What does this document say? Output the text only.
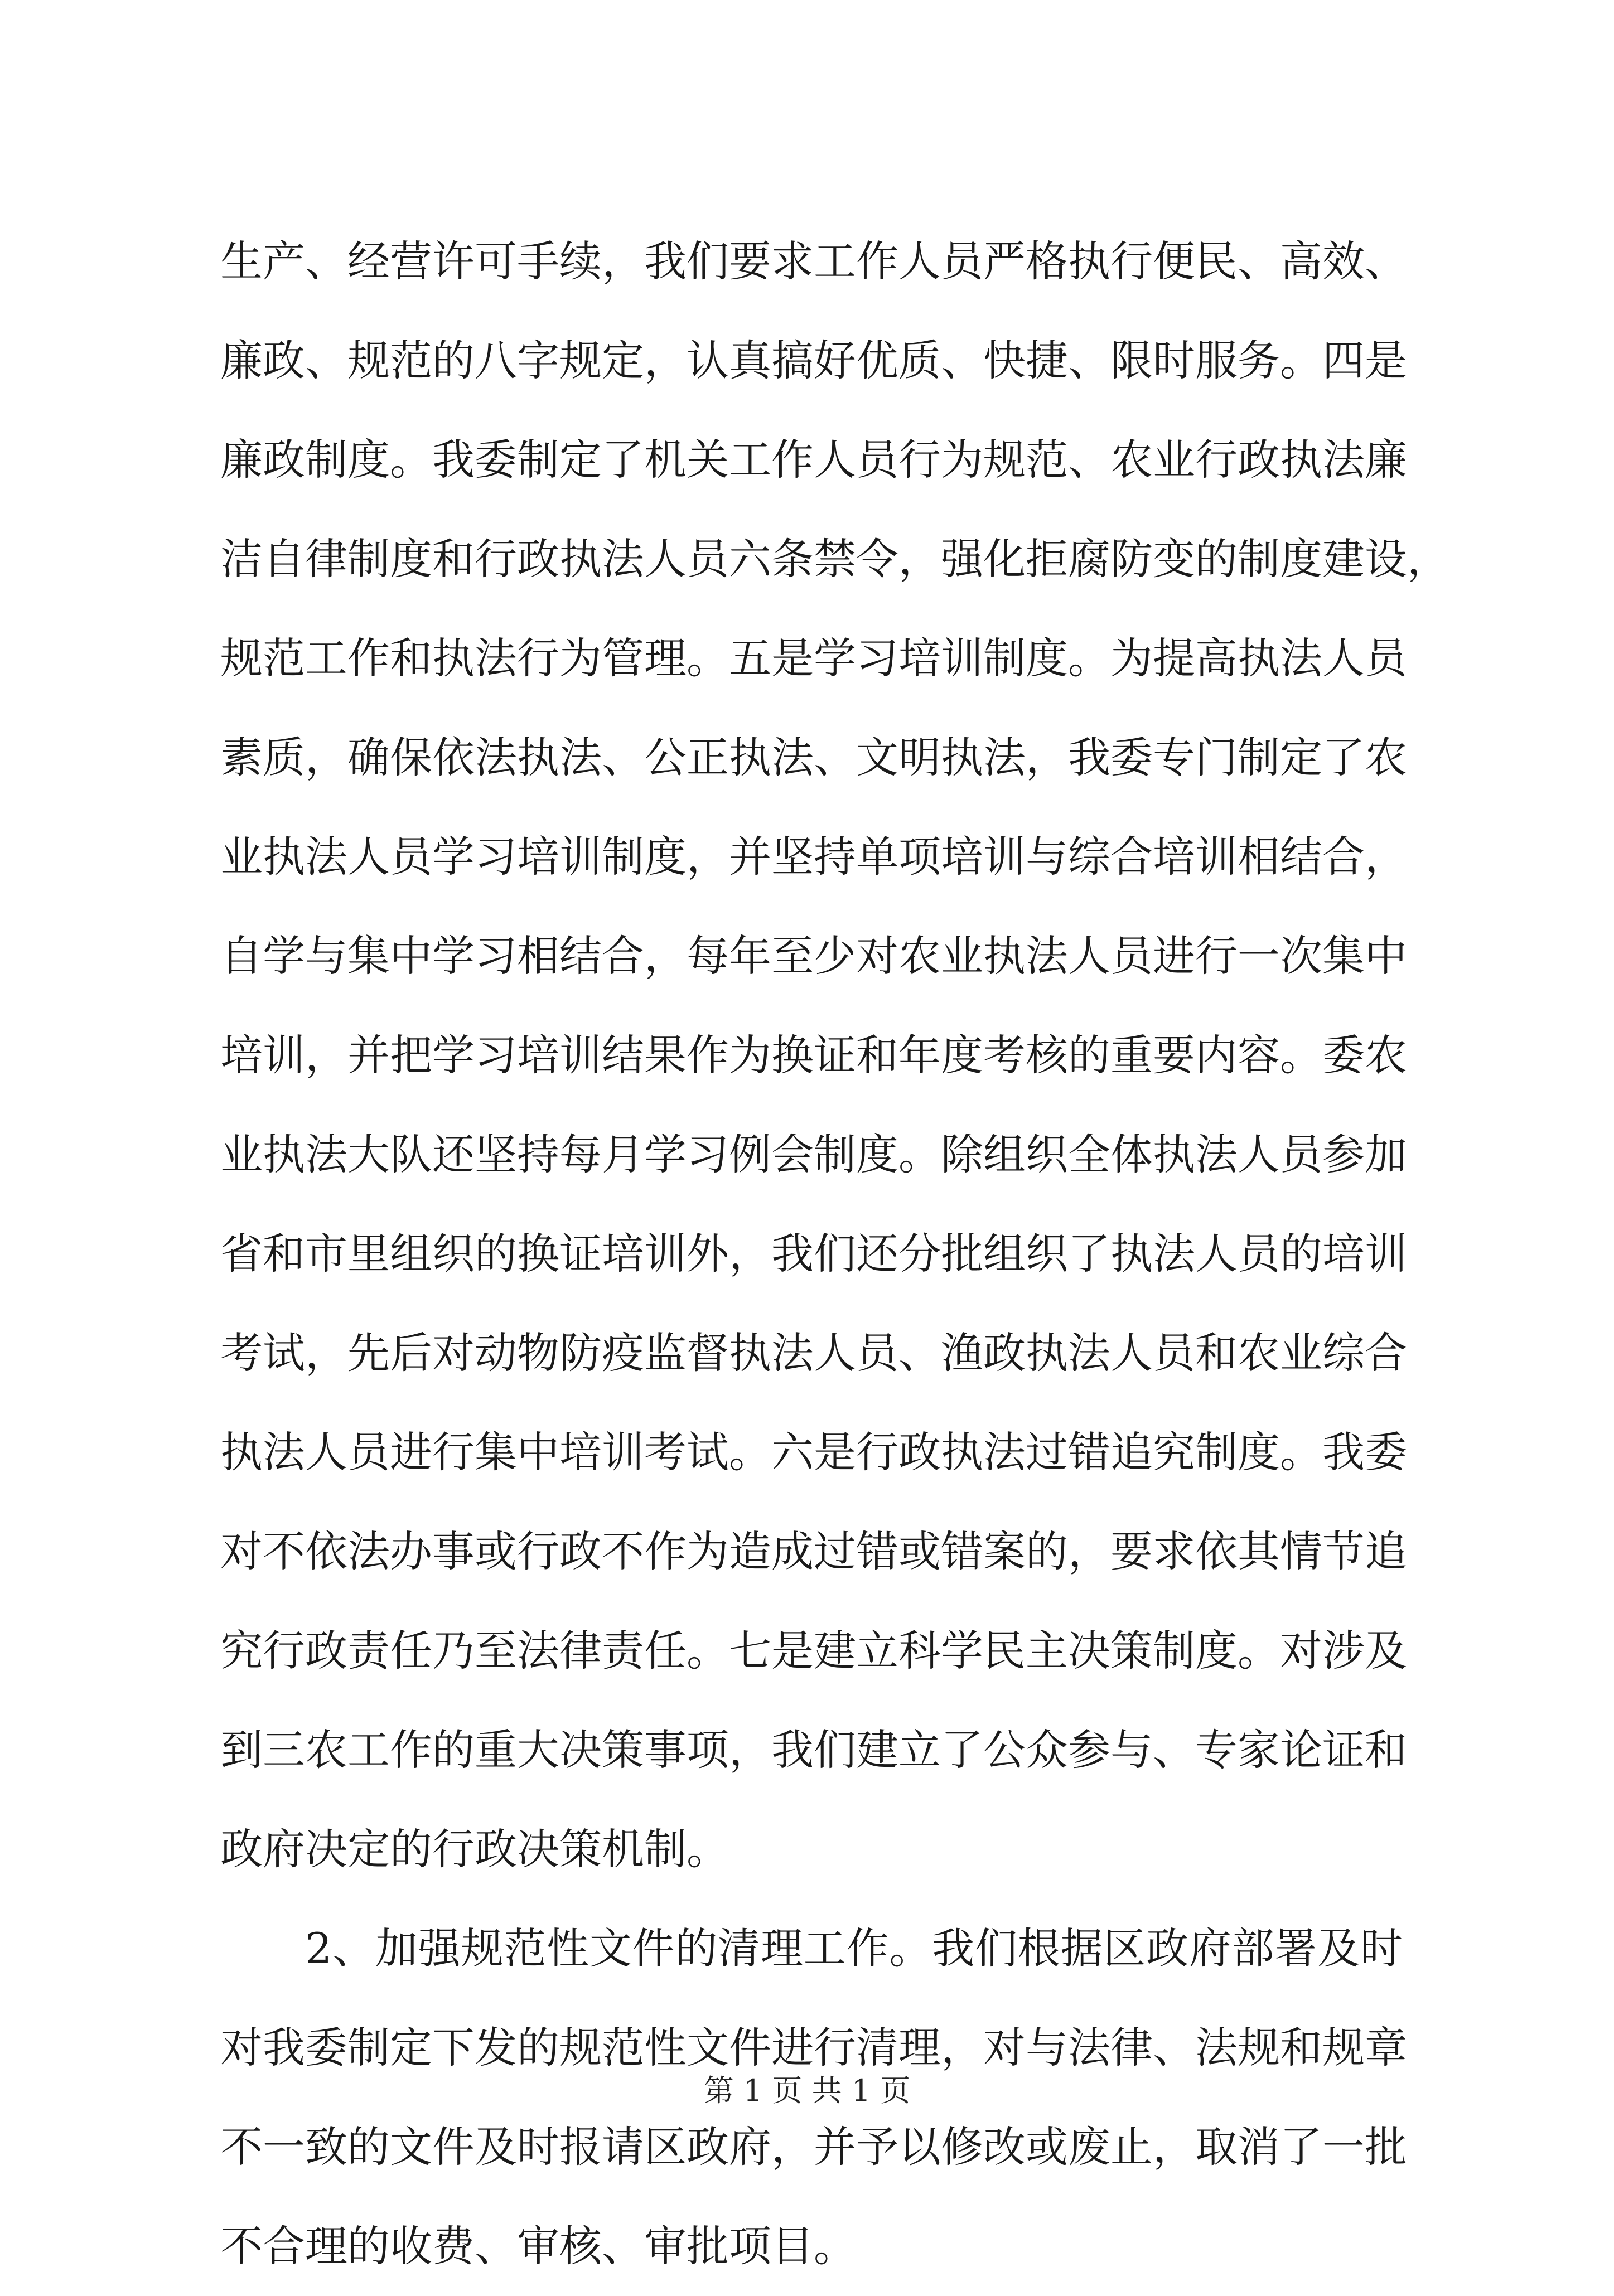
生产、经营许可手续，我们要求工作人员严格执行便民、高效、
廉政、规范的八字规定，认真搞好优质、快捷、限时服务。四是
廉政制度。我委制定了机关工作人员行为规范、农业行政执法廉
洁自律制度和行政执法人员六条禁令，强化拒腐防变的制度建设，
规范工作和执法行为管理。五是学习培训制度。为提高执法人员
素质，确保依法执法、公正执法、文明执法，我委专门制定了农
业执法人员学习培训制度，并坚持单项培训与综合培训相结合，
自学与集中学习相结合，每年至少对农业执法人员进行一次集中
培训，并把学习培训结果作为换证和年度考核的重要内容。委农
业执法大队还坚持每月学习例会制度。除组织全体执法人员参加
省和市里组织的换证培训外，我们还分批组织了执法人员的培训
考试，先后对动物防疫监督执法人员、渔政执法人员和农业综合
执法人员进行集中培训考试。六是行政执法过错追究制度。我委
对不依法办事或行政不作为造成过错或错案的，要求依其情节追
究行政责任乃至法律责任。七是建立科学民主决策制度。对涉及
到三农工作的重大决策事项，我们建立了公众参与、专家论证和
政府决定的行政决策机制。
2、加强规范性文件的清理工作。我们根据区政府部署及时
对我委制定下发的规范性文件进行清理，对与法律、法规和规章
不一致的文件及时报请区政府，并予以修改或废止，取消了一批
不合理的收费、审核、审批项目。
第 1 页 共 1 页
